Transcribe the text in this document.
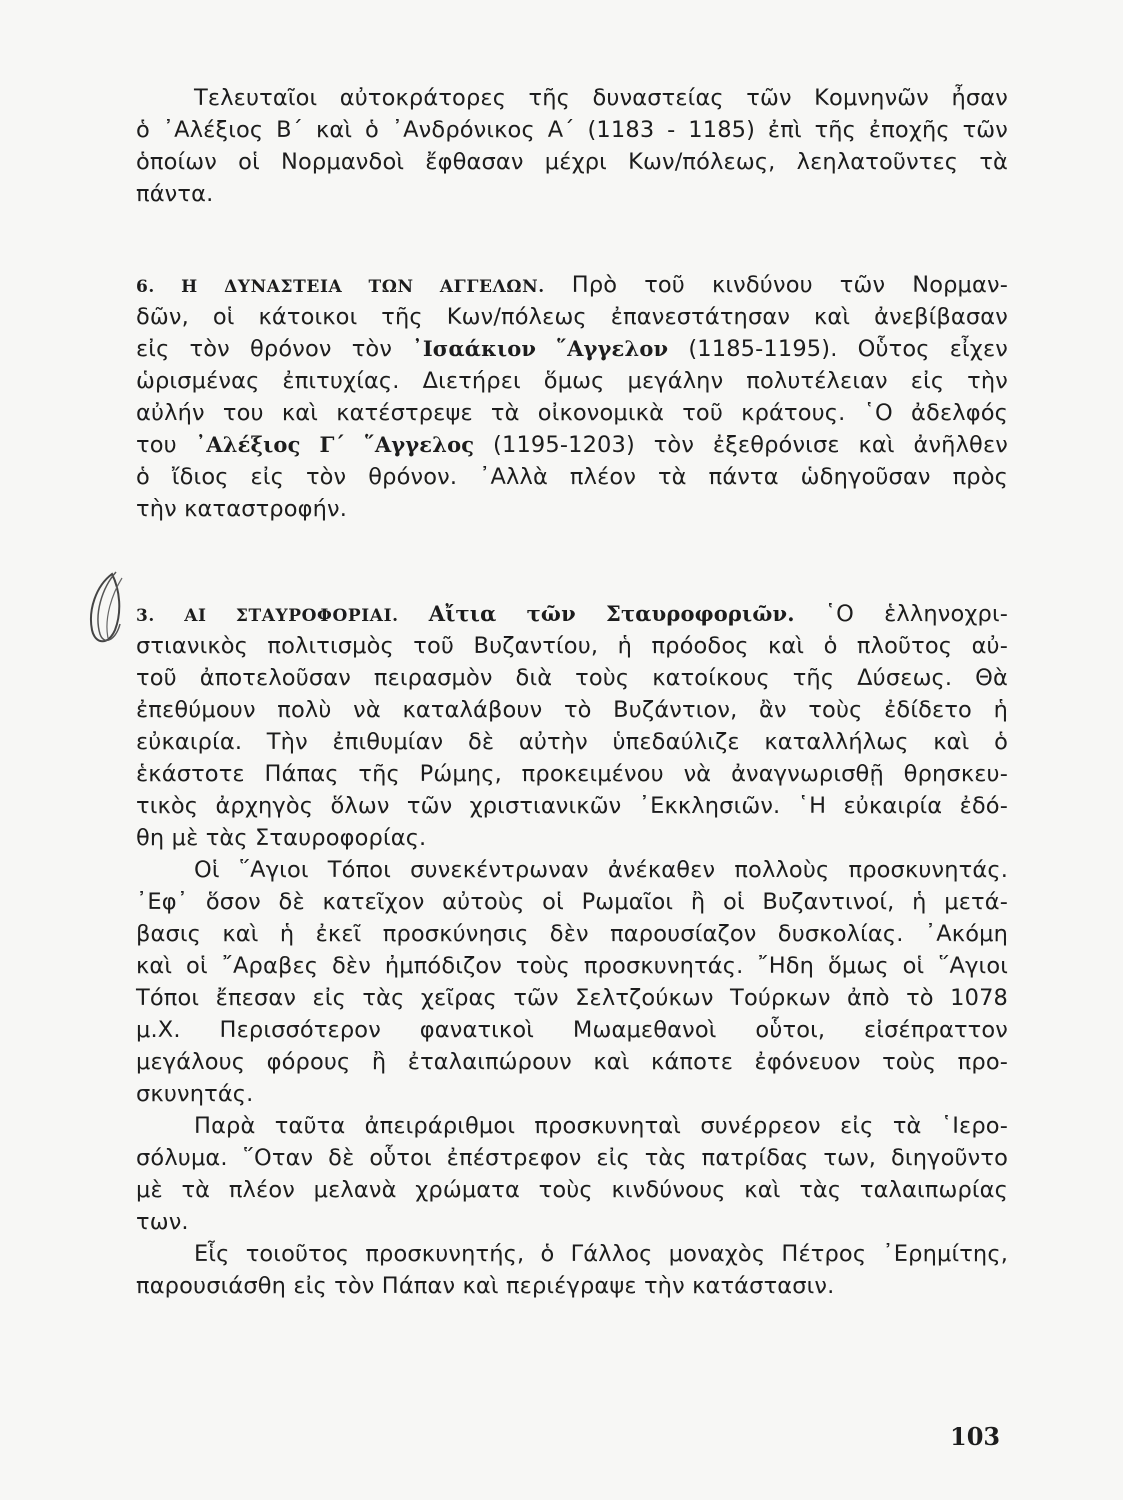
Τελευταῖοι αὐτοκράτορες τῆς δυναστείας τῶν Κομνηνῶν ἦσαν
ὁ ᾿Αλέξιος Β΄ καὶ ὁ ᾿Ανδρόνικος Α΄ (1183 - 1185) ἐπὶ τῆς ἐποχῆς τῶν
ὁποίων οἱ Νορμανδοὶ ἔφθασαν μέχρι Κων/πόλεως, λεηλατοῦντες τὰ
πάντα.
6. Η ΔΥΝΑΣΤΕΙΑ ΤΩΝ ΑΓΓΕΛΩΝ. Πρὸ τοῦ κινδύνου τῶν Νορμαν-
δῶν, οἱ κάτοικοι τῆς Κων/πόλεως ἐπανεστάτησαν καὶ ἀνεβίβασαν
εἰς τὸν θρόνον τὸν ᾿Ισαάκιον ῞Αγγελον (1185-1195). Οὗτος εἶχεν
ὡρισμένας ἐπιτυχίας. Διετήρει ὅμως μεγάλην πολυτέλειαν εἰς τὴν
αὐλήν του καὶ κατέστρεψε τὰ οἰκονομικὰ τοῦ κράτους. ῾Ο ἀδελφός
του ᾿Αλέξιος Γ΄ ῞Αγγελος (1195-1203) τὸν ἐξεθρόνισε καὶ ἀνῆλθεν
ὁ ἴδιος εἰς τὸν θρόνον. ᾿Αλλὰ πλέον τὰ πάντα ὡδηγοῦσαν πρὸς
τὴν καταστροφήν.
3. ΑΙ ΣΤΑΥΡΟΦΟΡΙΑΙ. Αἴτια τῶν Σταυροφοριῶν. ῾Ο ἑλληνοχρι-
στιανικὸς πολιτισμὸς τοῦ Βυζαντίου, ἡ πρόοδος καὶ ὁ πλοῦτος αὐ-
τοῦ ἀποτελοῦσαν πειρασμὸν διὰ τοὺς κατοίκους τῆς Δύσεως. Θὰ
ἐπεθύμουν πολὺ νὰ καταλάβουν τὸ Βυζάντιον, ἂν τοὺς ἐδίδετο ἡ
εὐκαιρία. Τὴν ἐπιθυμίαν δὲ αὐτὴν ὑπεδαύλιζε καταλλήλως καὶ ὁ
ἑκάστοτε Πάπας τῆς Ρώμης, προκειμένου νὰ ἀναγνωρισθῇ θρησκευ-
τικὸς ἀρχηγὸς ὅλων τῶν χριστιανικῶν ᾿Εκκλησιῶν. ῾Η εὐκαιρία ἐδό-
θη μὲ τὰς Σταυροφορίας.
Οἱ ῞Αγιοι Τόποι συνεκέντρωναν ἀνέκαθεν πολλοὺς προσκυνητάς.
᾿Εφ᾿ ὅσον δὲ κατεῖχον αὐτοὺς οἱ Ρωμαῖοι ἢ οἱ Βυζαντινοί, ἡ μετά-
βασις καὶ ἡ ἐκεῖ προσκύνησις δὲν παρουσίαζον δυσκολίας. ᾿Ακόμη
καὶ οἱ ῎Αραβες δὲν ἠμπόδιζον τοὺς προσκυνητάς. ῎Ηδη ὅμως οἱ ῞Αγιοι
Τόποι ἔπεσαν εἰς τὰς χεῖρας τῶν Σελτζούκων Τούρκων ἀπὸ τὸ 1078
μ.Χ. Περισσότερον φανατικοὶ Μωαμεθανοὶ οὗτοι, εἰσέπραττον
μεγάλους φόρους ἢ ἐταλαιπώρουν καὶ κάποτε ἐφόνευον τοὺς προ-
σκυνητάς.
Παρὰ ταῦτα ἀπειράριθμοι προσκυνηταὶ συνέρρεον εἰς τὰ ῾Ιερο-
σόλυμα. ῞Οταν δὲ οὗτοι ἐπέστρεφον εἰς τὰς πατρίδας των, διηγοῦντο
μὲ τὰ πλέον μελανὰ χρώματα τοὺς κινδύνους καὶ τὰς ταλαιπωρίας
των.
Εἷς τοιοῦτος προσκυνητής, ὁ Γάλλος μοναχὸς Πέτρος ᾿Ερημίτης,
παρουσιάσθη εἰς τὸν Πάπαν καὶ περιέγραψε τὴν κατάστασιν.
103
